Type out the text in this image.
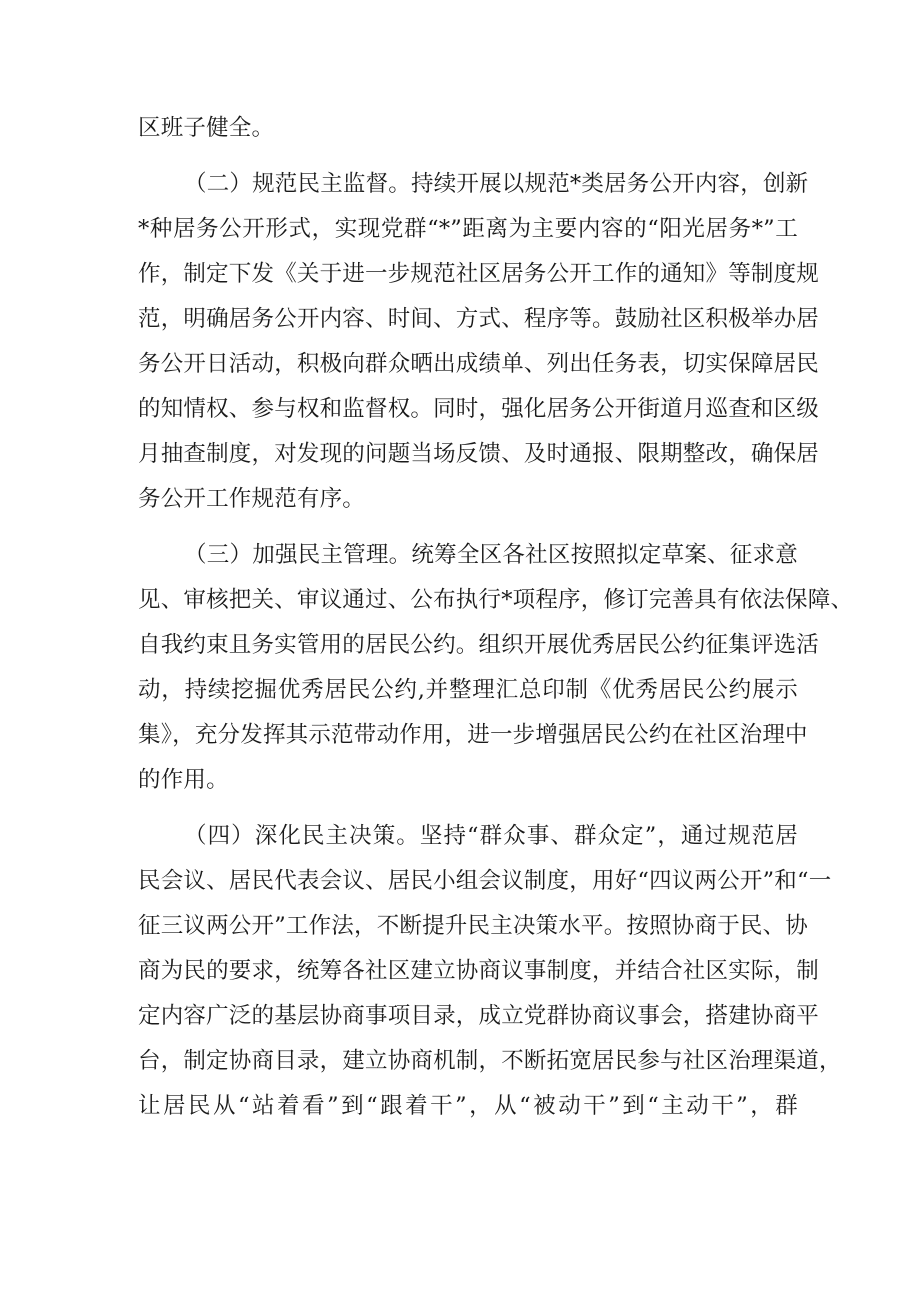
区班子健全。
（二）规范民主监督。持续开展以规范*类居务公开内容，创新
*种居务公开形式，实现党群“*”距离为主要内容的“阳光居务*”工
作，制定下发《关于进一步规范社区居务公开工作的通知》等制度规
范，明确居务公开内容、时间、方式、程序等。鼓励社区积极举办居
务公开日活动，积极向群众晒出成绩单、列出任务表，切实保障居民
的知情权、参与权和监督权。同时，强化居务公开街道月巡查和区级
月抽查制度，对发现的问题当场反馈、及时通报、限期整改，确保居
务公开工作规范有序。
（三）加强民主管理。统筹全区各社区按照拟定草案、征求意
见、审核把关、审议通过、公布执行*项程序，修订完善具有依法保障、
自我约束且务实管用的居民公约。组织开展优秀居民公约征集评选活
动，持续挖掘优秀居民公约,并整理汇总印制《优秀居民公约展示
集》，充分发挥其示范带动作用，进一步增强居民公约在社区治理中
的作用。
（四）深化民主决策。坚持“群众事、群众定”，通过规范居
民会议、居民代表会议、居民小组会议制度，用好“四议两公开”和“一
征三议两公开”工作法，不断提升民主决策水平。按照协商于民、协
商为民的要求，统筹各社区建立协商议事制度，并结合社区实际，制
定内容广泛的基层协商事项目录，成立党群协商议事会，搭建协商平
台，制定协商目录，建立协商机制，不断拓宽居民参与社区治理渠道，
让居民从“站着看”到“跟着干”，从“被动干”到“主动干”，群
